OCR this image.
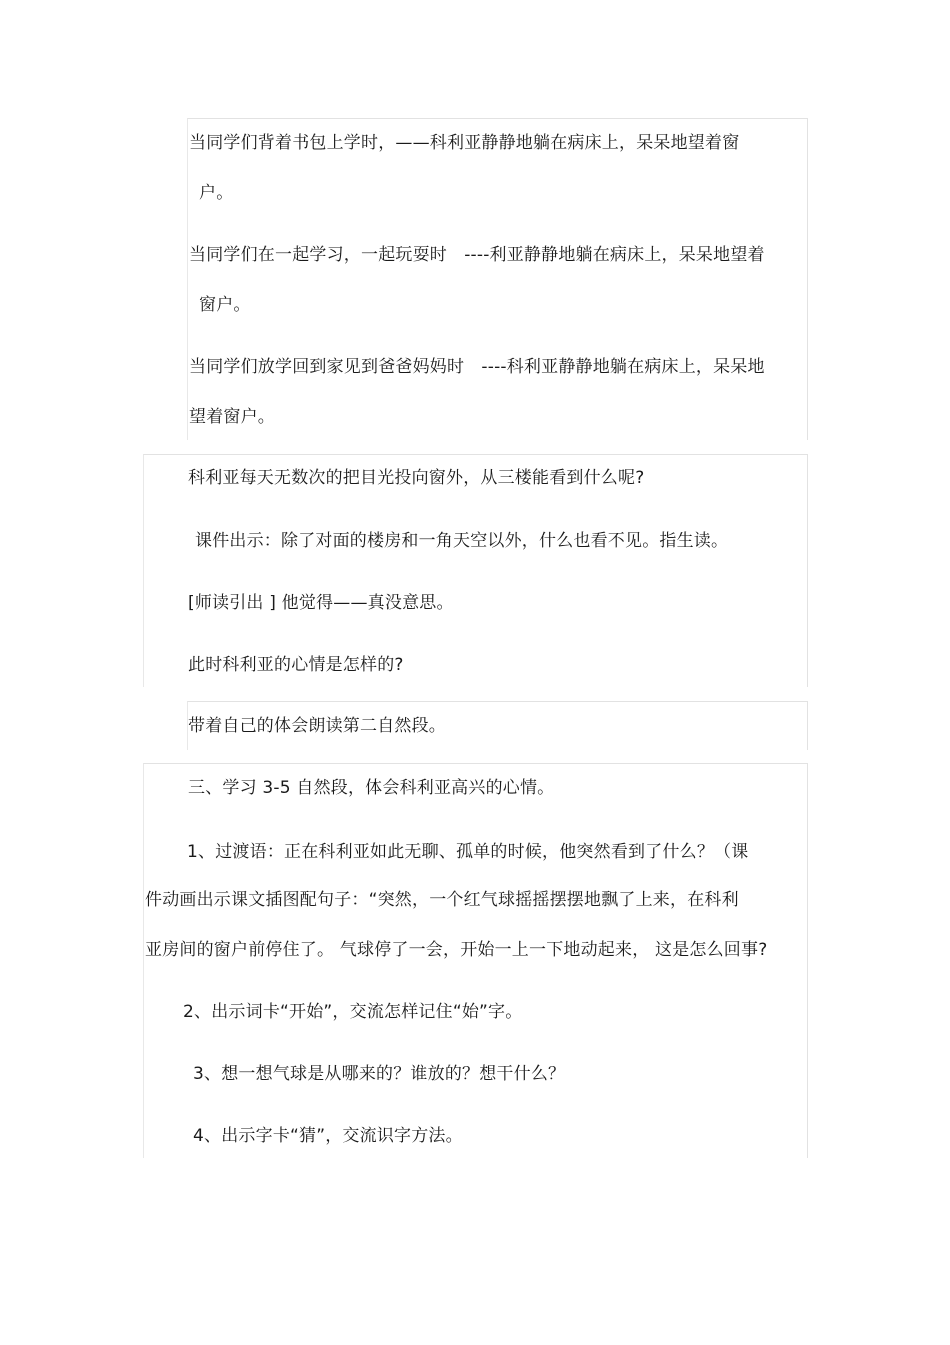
当同学们背着书包上学时，——科利亚静静地躺在病床上，呆呆地望着窗
户。
当同学们在一起学习，一起玩耍时　----利亚静静地躺在病床上，呆呆地望着
窗户。
当同学们放学回到家见到爸爸妈妈时　----科利亚静静地躺在病床上，呆呆地
望着窗户。
科利亚每天无数次的把目光投向窗外，从三楼能看到什么呢?
课件出示：除了对面的楼房和一角天空以外，什么也看不见。指生读。
[师读引出 ] 他觉得——真没意思。
此时科利亚的心情是怎样的?
带着自己的体会朗读第二自然段。
三、学习 3-5 自然段，体会科利亚高兴的心情。
1、过渡语：正在科利亚如此无聊、孤单的时候，他突然看到了什么？（课
件动画出示课文插图配句子：“突然，一个红气球摇摇摆摆地飘了上来，在科利
亚房间的窗户前停住了。 气球停了一会，开始一上一下地动起来， 这是怎么回事?
2、出示词卡“开始”，交流怎样记住“始”字。
3、想一想气球是从哪来的？谁放的？想干什么？
4、出示字卡“猜”，交流识字方法。
